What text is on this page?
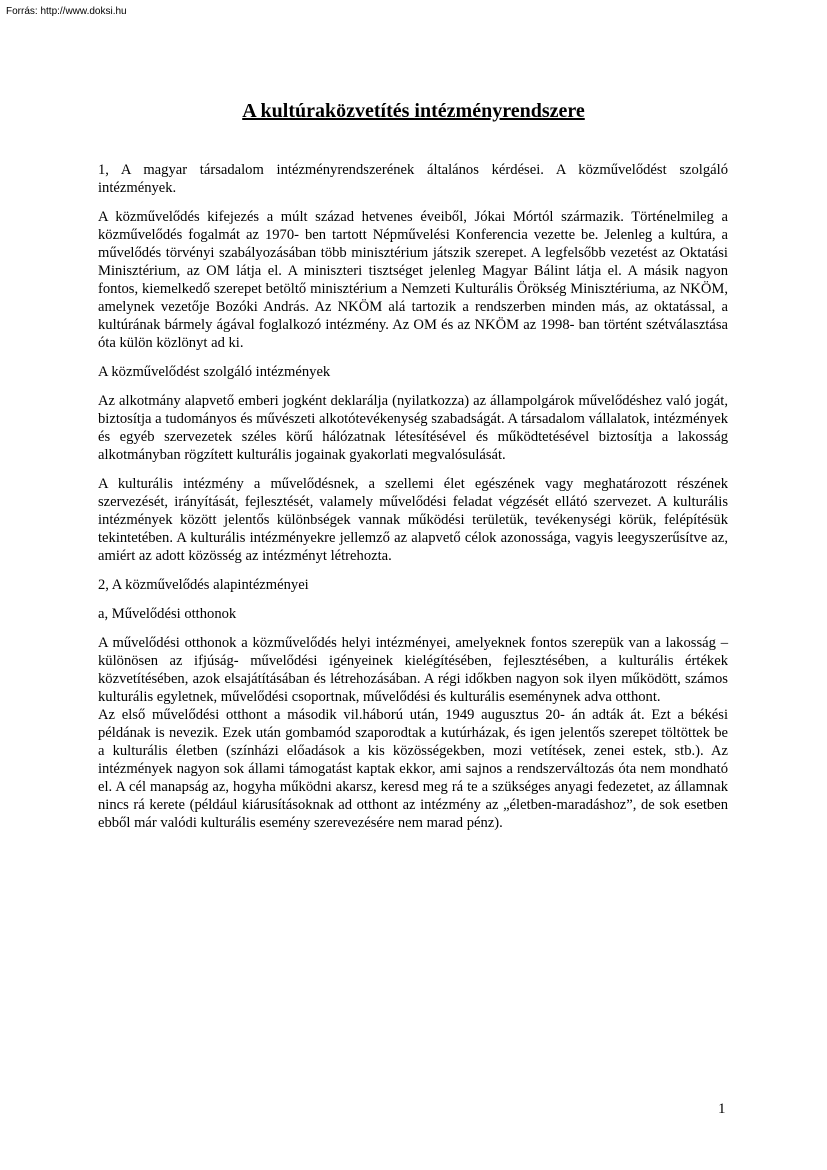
Forrás: http://www.doksi.hu
A kultúraközvetítés intézményrendszere

1, A magyar társadalom intézményrendszerének általános kérdései. A közművelődést szolgáló intézmények.

A közművelődés kifejezés a múlt század hetvenes éveiből, Jókai Mórtól származik. Történelmileg a közművelődés fogalmát az 1970- ben tartott Népművelési Konferencia vezette be. Jelenleg a kultúra, a művelődés törvényi szabályozásában több minisztérium játszik szerepet. A legfelsőbb vezetést az Oktatási Minisztérium, az OM látja el. A miniszteri tisztséget jelenleg Magyar Bálint látja el. A másik nagyon fontos, kiemelkedő szerepet betöltő minisztérium a Nemzeti Kulturális Örökség Minisztériuma, az NKÖM, amelynek vezetője Bozóki András. Az NKÖM alá tartozik a rendszerben minden más, az oktatással, a kultúrának bármely ágával foglalkozó intézmény. Az OM és az NKÖM az 1998- ban történt szétválasztása óta külön közlönyt ad ki.

A közművelődést szolgáló intézmények

Az alkotmány alapvető emberi jogként deklarálja (nyilatkozza) az állampolgárok művelődéshez való jogát, biztosítja a tudományos és művészeti alkotótevékenység szabadságát. A társadalom vállalatok, intézmények és egyéb szervezetek széles körű hálózatnak létesítésével és működtetésével biztosítja a lakosság alkotmányban rögzített kulturális jogainak gyakorlati megvalósulását.

A kulturális intézmény a művelődésnek, a szellemi élet egészének vagy meghatározott részének szervezését, irányítását, fejlesztését, valamely művelődési feladat végzését ellátó szervezet. A kulturális intézmények között jelentős különbségek vannak működési területük, tevékenységi körük, felépítésük tekintetében. A kulturális intézményekre jellemző az alapvető célok azonossága, vagyis leegyszerűsítve az, amiért az adott közösség az intézményt létrehozta.

2, A közművelődés alapintézményei

a, Művelődési otthonok

A művelődési otthonok a közművelődés helyi intézményei, amelyeknek fontos szerepük van a lakosság – különösen az ifjúság- művelődési igényeinek kielégítésében, fejlesztésében, a kulturális értékek közvetítésében, azok elsajátításában és létrehozásában. A régi időkben nagyon sok ilyen működött, számos kulturális egyletnek, művelődési csoportnak, művelődési és kulturális eseménynek adva otthont.

Az első művelődési otthont a második vil.háború után, 1949 augusztus 20- án adták át. Ezt a békési példának is nevezik. Ezek után gombamód szaporodtak a kutúrházak, és igen jelentős szerepet töltöttek be a kulturális életben (színházi előadások a kis közösségekben, mozi vetítések, zenei estek, stb.). Az intézmények nagyon sok állami támogatást kaptak ekkor, ami sajnos a rendszerváltozás óta nem mondható el. A cél manapság az, hogyha működni akarsz, keresd meg rá te a szükséges anyagi fedezetet, az államnak nincs rá kerete (például kiárusításoknak ad otthont az intézmény az „életben-maradáshoz”, de sok esetben ebből már valódi kulturális esemény szerevezésére nem marad pénz).

1
